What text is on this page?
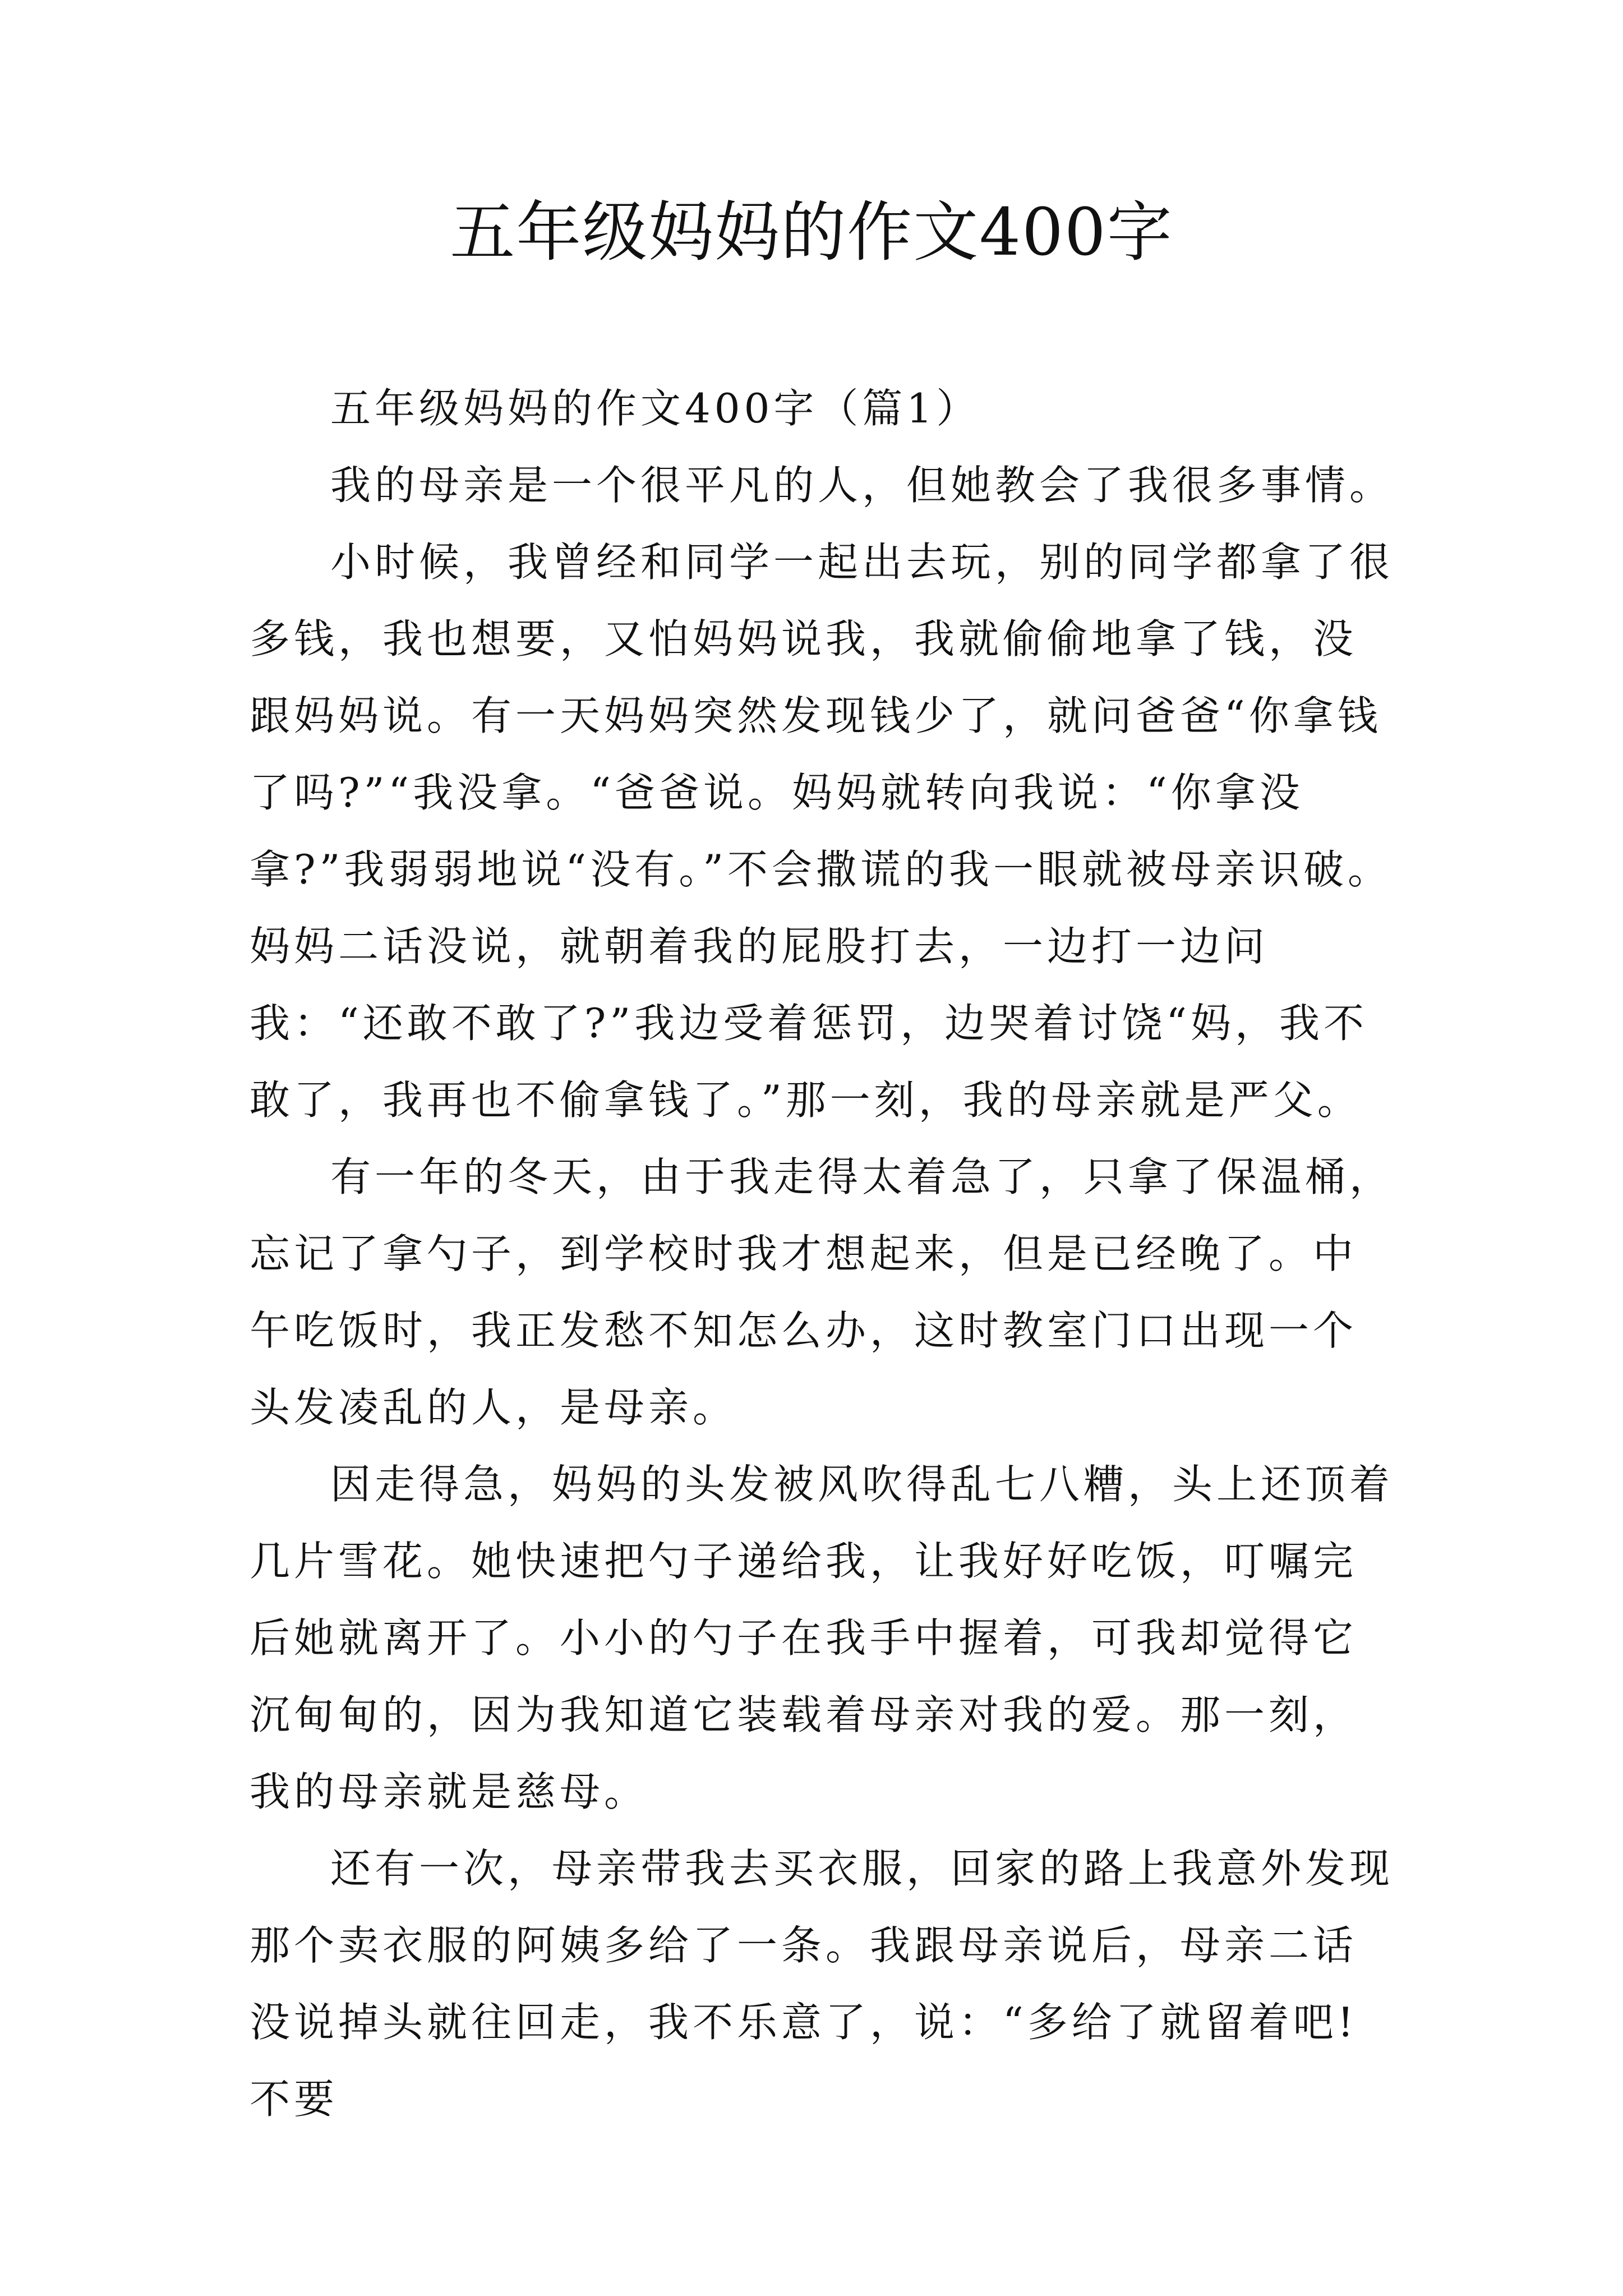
五年级妈妈的作文400字

五年级妈妈的作文400字（篇1）

我的母亲是一个很平凡的人，但她教会了我很多事情。

小时候，我曾经和同学一起出去玩，别的同学都拿了很多钱，我也想要，又怕妈妈说我，我就偷偷地拿了钱，没跟妈妈说。有一天妈妈突然发现钱少了，就问爸爸“你拿钱了吗?”“我没拿。“爸爸说。妈妈就转向我说：“你拿没拿?”我弱弱地说“没有。”不会撒谎的我一眼就被母亲识破。妈妈二话没说，就朝着我的屁股打去，一边打一边问我：“还敢不敢了?”我边受着惩罚，边哭着讨饶“妈，我不敢了，我再也不偷拿钱了。”那一刻，我的母亲就是严父。

有一年的冬天，由于我走得太着急了，只拿了保温桶，忘记了拿勺子，到学校时我才想起来，但是已经晚了。中午吃饭时，我正发愁不知怎么办，这时教室门口出现一个头发凌乱的人，是母亲。

因走得急，妈妈的头发被风吹得乱七八糟，头上还顶着几片雪花。她快速把勺子递给我，让我好好吃饭，叮嘱完后她就离开了。小小的勺子在我手中握着，可我却觉得它沉甸甸的，因为我知道它装载着母亲对我的爱。那一刻，我的母亲就是慈母。

还有一次，母亲带我去买衣服，回家的路上我意外发现那个卖衣服的阿姨多给了一条。我跟母亲说后，母亲二话没说掉头就往回走，我不乐意了，说：“多给了就留着吧!不要
